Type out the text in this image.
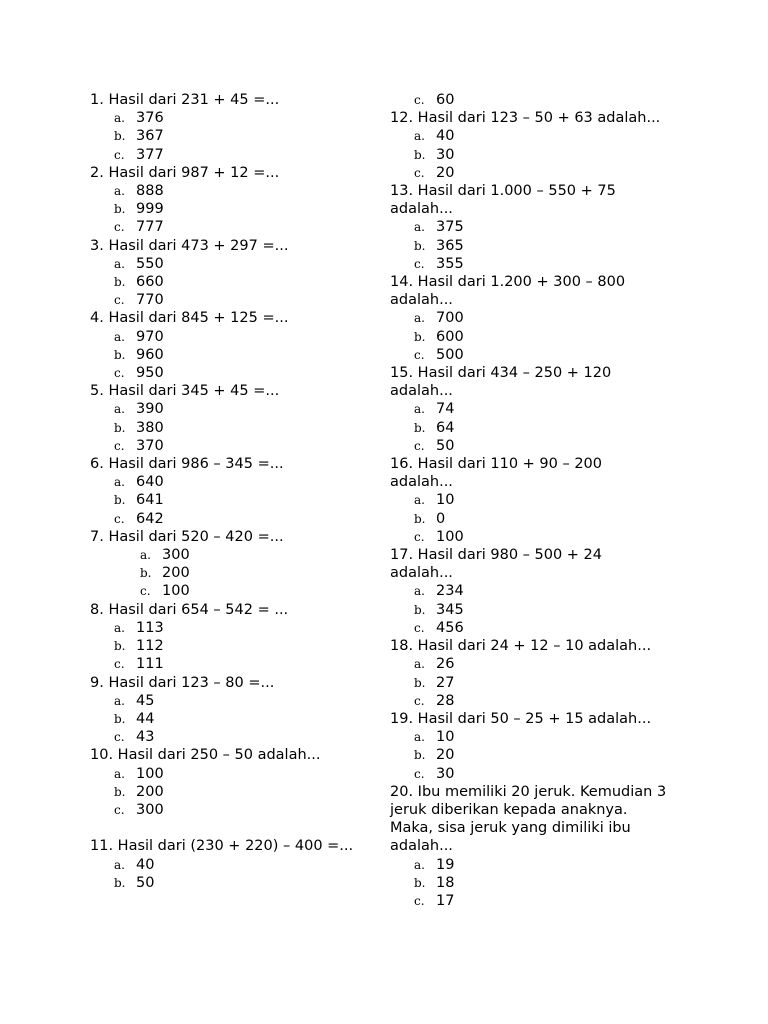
1. Hasil dari 231 + 45 =...
a. 376
b. 367
c. 377
2. Hasil dari 987 + 12 =...
a. 888
b. 999
c. 777
3. Hasil dari 473 + 297 =...
a. 550
b. 660
c. 770
4. Hasil dari 845 + 125 =...
a. 970
b. 960
c. 950
5. Hasil dari 345 + 45 =...
a. 390
b. 380
c. 370
6. Hasil dari 986 – 345 =...
a. 640
b. 641
c. 642
7. Hasil dari 520 – 420 =...
a. 300
b. 200
c. 100
8. Hasil dari 654 – 542 = ...
a. 113
b. 112
c. 111
9. Hasil dari 123 – 80 =...
a. 45
b. 44
c. 43
10. Hasil dari 250 – 50 adalah...
a. 100
b. 200
c. 300
11. Hasil dari (230 + 220) – 400 =...
a. 40
b. 50
c. 60
12. Hasil dari 123 – 50 + 63 adalah...
a. 40
b. 30
c. 20
13. Hasil dari 1.000 – 550 + 75
adalah...
a. 375
b. 365
c. 355
14. Hasil dari 1.200 + 300 – 800
adalah...
a. 700
b. 600
c. 500
15. Hasil dari 434 – 250 + 120
adalah...
a. 74
b. 64
c. 50
16. Hasil dari 110 + 90 – 200
adalah...
a. 10
b. 0
c. 100
17. Hasil dari 980 – 500 + 24
adalah...
a. 234
b. 345
c. 456
18. Hasil dari 24 + 12 – 10 adalah...
a. 26
b. 27
c. 28
19. Hasil dari 50 – 25 + 15 adalah...
a. 10
b. 20
c. 30
20. Ibu memiliki 20 jeruk. Kemudian 3
jeruk diberikan kepada anaknya.
Maka, sisa jeruk yang dimiliki ibu
adalah...
a. 19
b. 18
c. 17
